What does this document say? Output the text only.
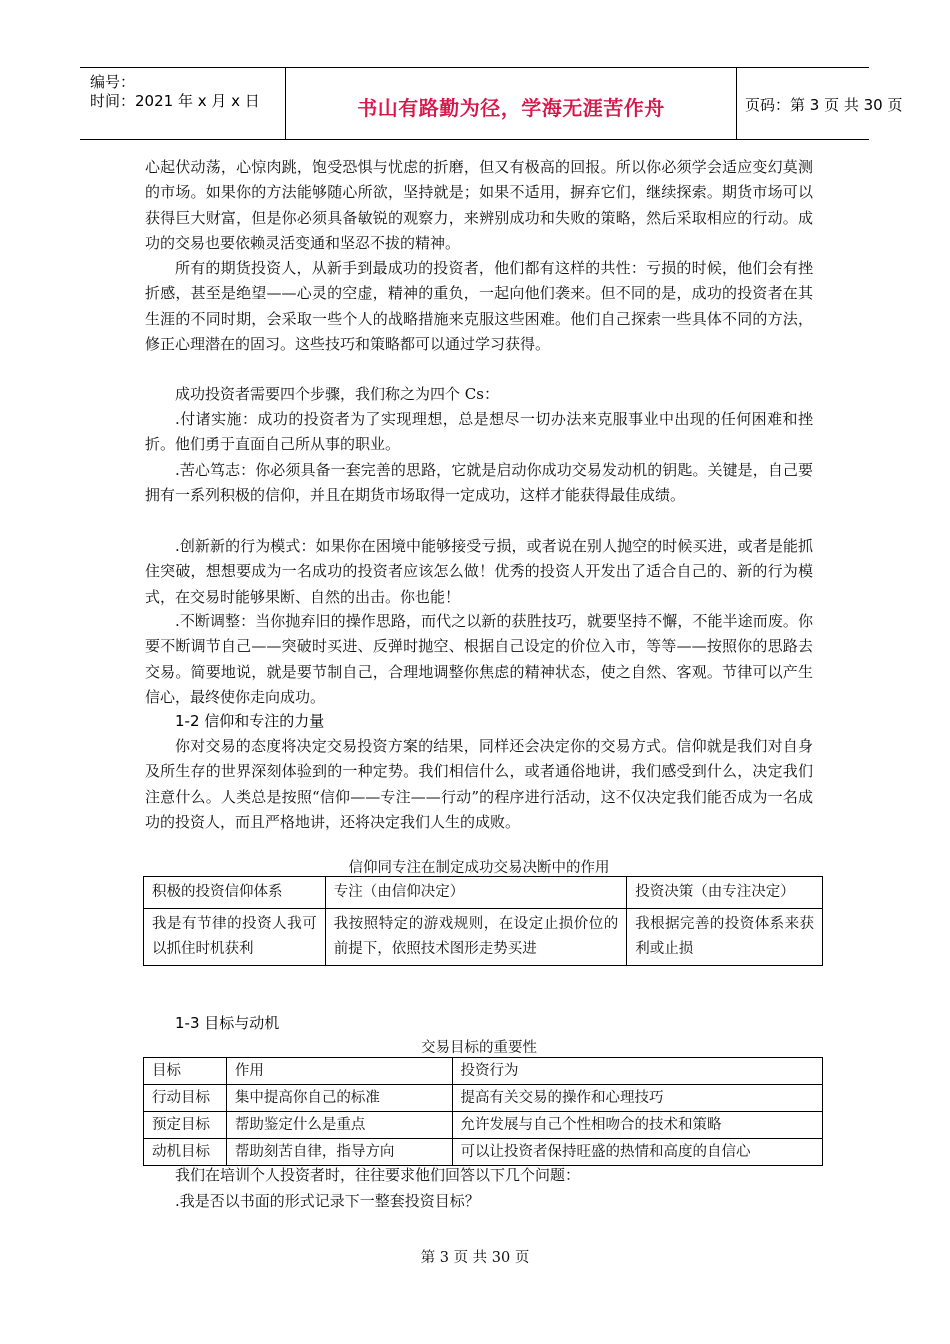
编号：
时间：2021 年 x 月 x 日	书山有路勤为径，学海无涯苦作舟	页码：第 3 页 共 30 页

心起伏动荡，心惊肉跳，饱受恐惧与忧虑的折磨，但又有极高的回报。所以你必须学会适应变幻莫测的市场。如果你的方法能够随心所欲，坚持就是；如果不适用，摒弃它们，继续探索。期货市场可以获得巨大财富，但是你必须具备敏锐的观察力，来辨别成功和失败的策略，然后采取相应的行动。成功的交易也要依赖灵活变通和坚忍不拔的精神。

所有的期货投资人，从新手到最成功的投资者，他们都有这样的共性：亏损的时候，他们会有挫折感，甚至是绝望——心灵的空虚，精神的重负，一起向他们袭来。但不同的是，成功的投资者在其生涯的不同时期，会采取一些个人的战略措施来克服这些困难。他们自己探索一些具体不同的方法，修正心理潜在的固习。这些技巧和策略都可以通过学习获得。

成功投资者需要四个步骤，我们称之为四个 Cs：

.付诸实施：成功的投资者为了实现理想，总是想尽一切办法来克服事业中出现的任何困难和挫折。他们勇于直面自己所从事的职业。

.苦心笃志：你必须具备一套完善的思路，它就是启动你成功交易发动机的钥匙。关键是，自己要拥有一系列积极的信仰，并且在期货市场取得一定成功，这样才能获得最佳成绩。

.创新新的行为模式：如果你在困境中能够接受亏损，或者说在别人抛空的时候买进，或者是能抓住突破，想想要成为一名成功的投资者应该怎么做！优秀的投资人开发出了适合自己的、新的行为模式，在交易时能够果断、自然的出击。你也能！

.不断调整：当你抛弃旧的操作思路，而代之以新的获胜技巧，就要坚持不懈，不能半途而废。你要不断调节自己——突破时买进、反弹时抛空、根据自己设定的价位入市，等等——按照你的思路去交易。简要地说，就是要节制自己，合理地调整你焦虑的精神状态，使之自然、客观。节律可以产生信心，最终使你走向成功。

1-2 信仰和专注的力量

你对交易的态度将决定交易投资方案的结果，同样还会决定你的交易方式。信仰就是我们对自身及所生存的世界深刻体验到的一种定势。我们相信什么，或者通俗地讲，我们感受到什么，决定我们注意什么。人类总是按照“信仰——专注——行动”的程序进行活动，这不仅决定我们能否成为一名成功的投资人，而且严格地讲，还将决定我们人生的成败。

信仰同专注在制定成功交易决断中的作用
积极的投资信仰体系	专注（由信仰决定）	投资决策（由专注决定）
我是有节律的投资人我可以抓住时机获利	我按照特定的游戏规则，在设定止损价位的前提下，依照技术图形走势买进	我根据完善的投资体系来获利或止损
1-3 目标与动机
交易目标的重要性
目标	作用	投资行为
行动目标	集中提高你自己的标准	提高有关交易的操作和心理技巧
预定目标	帮助鉴定什么是重点	允许发展与自己个性相吻合的技术和策略
动机目标	帮助刻苦自律，指导方向	可以让投资者保持旺盛的热情和高度的自信心

我们在培训个人投资者时，往往要求他们回答以下几个问题：

.我是否以书面的形式记录下一整套投资目标？

第 3 页 共 30 页
